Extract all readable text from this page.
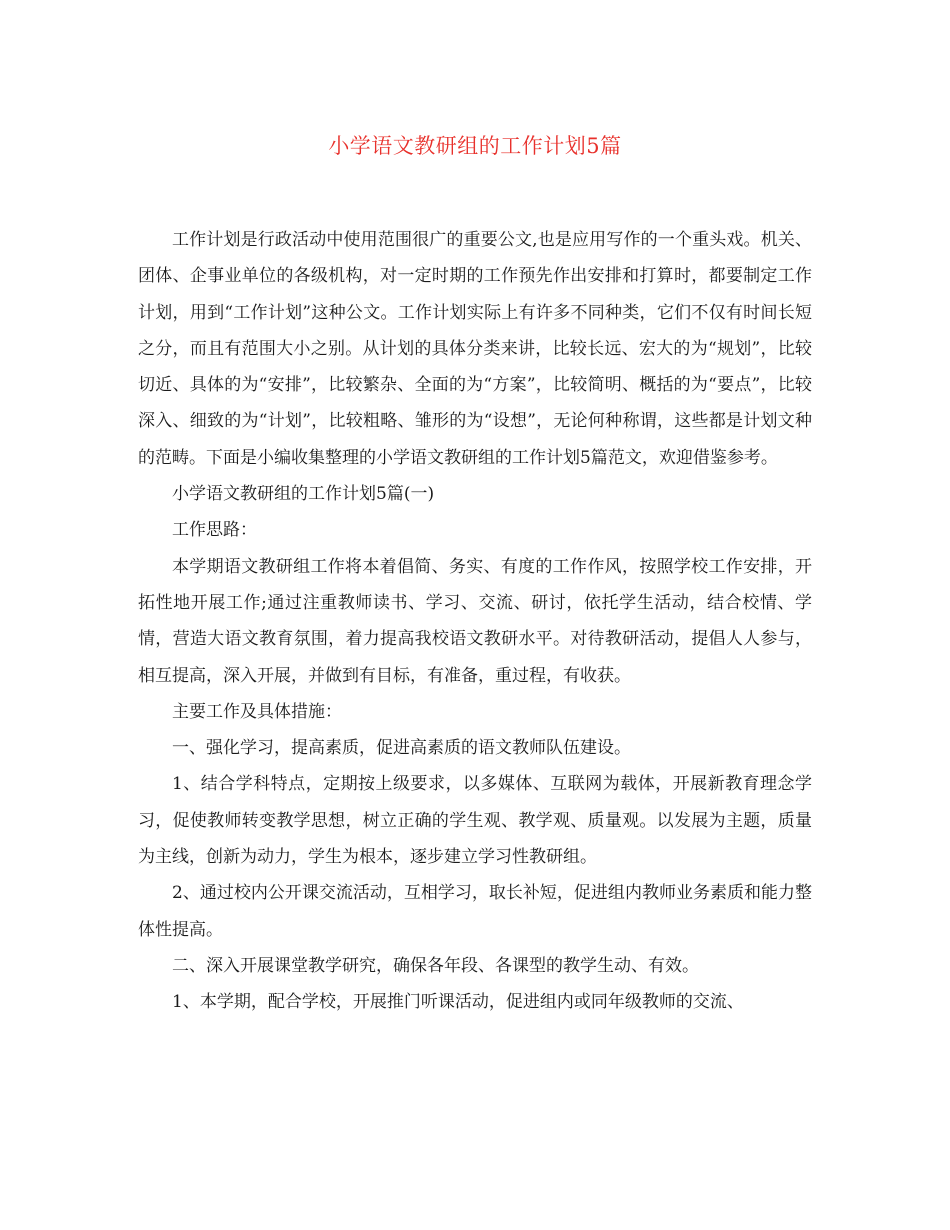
小学语文教研组的工作计划5篇

工作计划是行政活动中使用范围很广的重要公文,也是应用写作的一个重头戏。机关、团体、企事业单位的各级机构，对一定时期的工作预先作出安排和打算时，都要制定工作计划，用到“工作计划”这种公文。工作计划实际上有许多不同种类，它们不仅有时间长短之分，而且有范围大小之别。从计划的具体分类来讲，比较长远、宏大的为“规划”，比较切近、具体的为“安排”，比较繁杂、全面的为“方案”，比较简明、概括的为“要点”，比较深入、细致的为“计划”，比较粗略、雏形的为“设想”，无论何种称谓，这些都是计划文种的范畴。下面是小编收集整理的小学语文教研组的工作计划5篇范文，欢迎借鉴参考。

小学语文教研组的工作计划5篇(一)

工作思路：

本学期语文教研组工作将本着倡简、务实、有度的工作作风，按照学校工作安排，开拓性地开展工作;通过注重教师读书、学习、交流、研讨，依托学生活动，结合校情、学情，营造大语文教育氛围，着力提高我校语文教研水平。对待教研活动，提倡人人参与，相互提高，深入开展，并做到有目标，有准备，重过程，有收获。

主要工作及具体措施：

一、强化学习，提高素质，促进高素质的语文教师队伍建设。

1、结合学科特点，定期按上级要求，以多媒体、互联网为载体，开展新教育理念学习，促使教师转变教学思想，树立正确的学生观、教学观、质量观。以发展为主题，质量为主线，创新为动力，学生为根本，逐步建立学习性教研组。

2、通过校内公开课交流活动，互相学习，取长补短，促进组内教师业务素质和能力整体性提高。

二、深入开展课堂教学研究，确保各年段、各课型的教学生动、有效。

1、本学期，配合学校，开展推门听课活动，促进组内或同年级教师的交流、
